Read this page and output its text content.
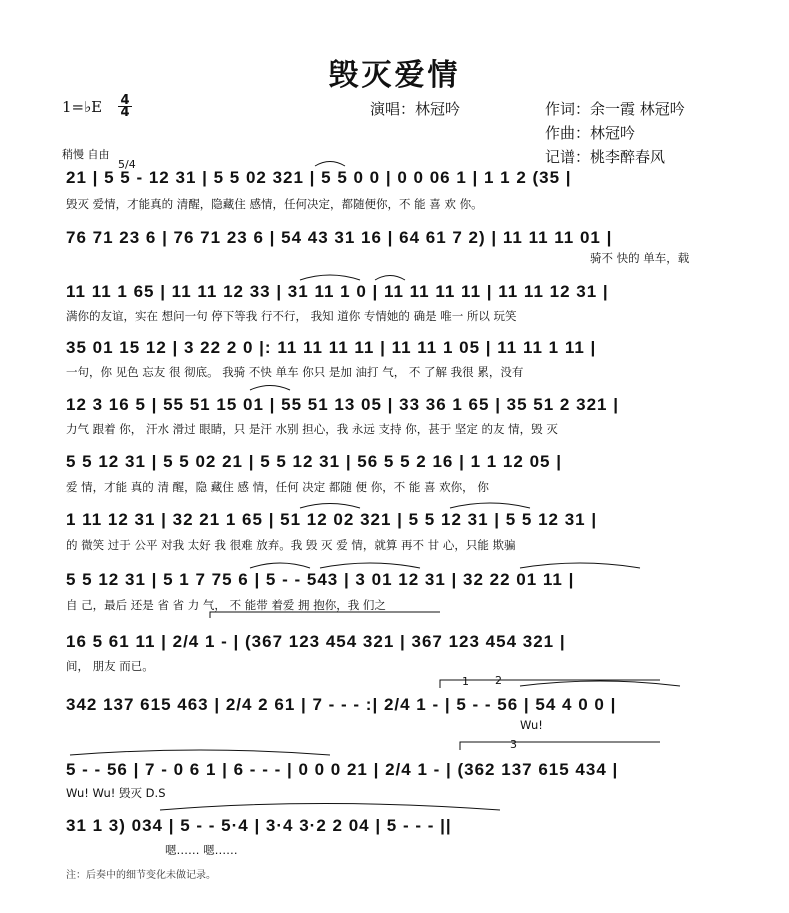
毁灭爱情
1=♭E $\frac{4}{4}$	演唱：林冠吟	作词：余一霞 林冠吟
作曲：林冠吟
记谱：桃李醉春风
稍慢 自由
5/4
21 | 5 5 - 12 31 | 5 5 02 321 | 5 5 0 0 | 0 0 06 1 | 1 1 2 (35 |
毁灭 爱情，才能真的 清醒，隐藏住 感情，任何决定，都随便你，不 能 喜 欢 你。
76 71 23 6 | 76 71 23 6 | 54 43 31 16 | 64 61 7 2) | 11 11 11 01 |
骑不 快的 单车，载
11 11 1 65 | 11 11 12 33 | 31 11 1 0 | 11 11 11 11 | 11 11 12 31 |
满你的友谊，实在 想问一句 停下等我 行不行， 我知 道你 专情她的 确是 唯一 所以 玩笑
35 01 15 12 | 3 22 2 0 |: 11 11 11 11 | 11 11 1 05 | 11 11 1 11 |
一句，你 见色 忘友 很 彻底。 我骑 不快 单车 你只 是加 油打 气， 不 了解 我很 累，没有
12 3 16 5 | 55 51 15 01 | 55 51 13 05 | 33 36 1 65 | 35 51 2 321 |
力气 跟着 你， 汗水 滑过 眼睛，只 是汗 水别 担心，我 永远 支持 你，甚于 坚定 的友 情，毁 灭
5 5 12 31 | 5 5 02 21 | 5 5 12 31 | 56 5 5 2 16 | 1 1 12 05 |
爱 情，才能 真的 清 醒，隐 藏住 感 情，任何 决定 都随 便 你，不 能 喜 欢你， 你
1 11 12 31 | 32 21 1 65 | 51 12 02 321 | 5 5 12 31 | 5 5 12 31 |
的 微笑 过于 公平 对我 太好 我 很难 放弃。我 毁 灭 爱 情，就算 再不 甘 心，只能 欺骗
5 5 12 31 | 5 1 7 75 6 | 5 - - 543 | 3 01 12 31 | 32 22 01 11 |
自 己，最后 还是 省 省 力 气， 不 能带 着爱 拥 抱你，我 们之
16 5 61 11 | 2/4 1 - | (367 123 454 321 | 367 123 454 321 |
间， 朋友 而已。
342 137 615 463 | 2/4 2 61 | 7 - - - :| 2/4 1 - | 5 - - 56 | 54 4 0 0 |
Wu!
5 - - 56 | 7 - 0 6 1 | 6 - - - | 0 0 0 21 | 2/4 1 - | (362 137 615 434 |
Wu! Wu! 毁灭 D.S
31 1 3) 034 | 5 - - 5·4 | 3·4 3·2 2 04 | 5 - - - ||
嗯…… 嗯……
1 2
3
注：后奏中的细节变化未做记录。
